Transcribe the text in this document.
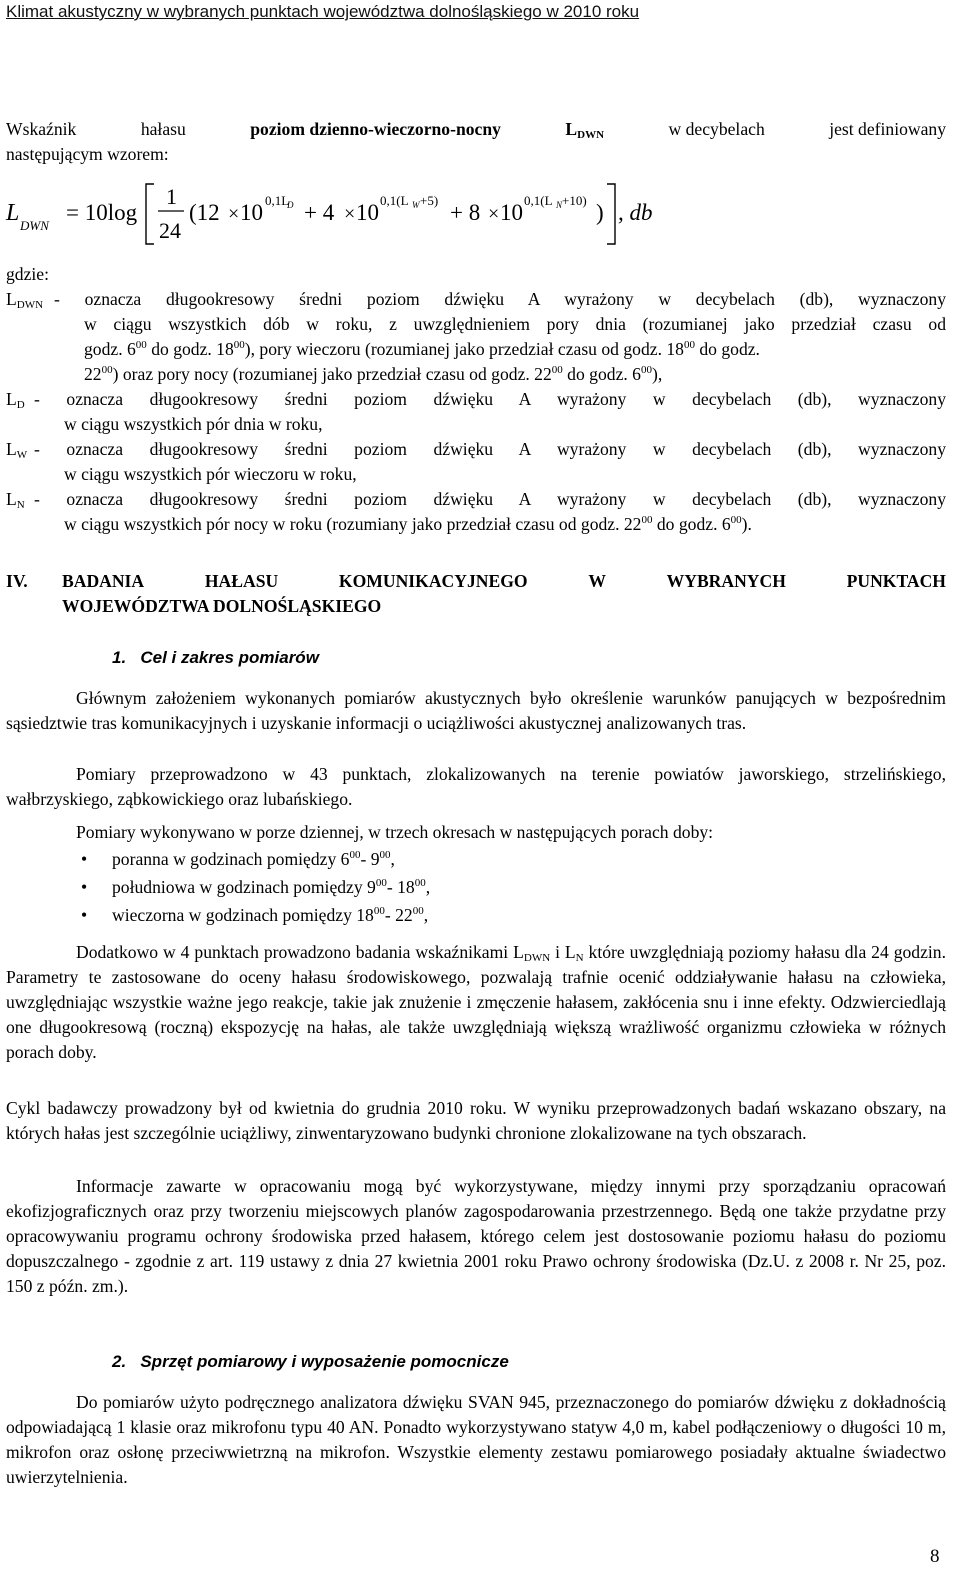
Klimat akustyczny w wybranych punktach województwa dolnośląskiego w 2010 roku
Wskaźnik	hałasu	poziom dzienno-wieczorno-nocny	$L_{DWN}$	w decybelach	jest definiowany
następującym wzorem:
L DWN
= 10log
1
24
(12 × 10 0,1L
D + 4 × 10 0,1(L W +5) + 8 × 10 0,1(L N +10) ) , db
gdzie:
$L_{DWN}$ - oznacza długookresowy średni poziom dźwięku A wyrażony w decybelach (db), wyznaczony
w ciągu wszystkich dób w roku, z uwzględnieniem pory dnia (rozumianej jako przedział czasu od
godz. $6^{00}$ do godz. $18^{00}$), pory wieczoru (rozumianej jako przedział czasu od godz. $18^{00}$ do godz.
$22^{00}$) oraz pory nocy (rozumianej jako przedział czasu od godz. $22^{00}$ do godz. $6^{00}$),
$L_D$ - oznacza długookresowy średni poziom dźwięku A wyrażony w decybelach (db), wyznaczony
w ciągu wszystkich pór dnia w roku,
$L_W$ - oznacza długookresowy średni poziom dźwięku A wyrażony w decybelach (db), wyznaczony
w ciągu wszystkich pór wieczoru w roku,
$L_N$ - oznacza długookresowy średni poziom dźwięku A wyrażony w decybelach (db), wyznaczony
w ciągu wszystkich pór nocy w roku (rozumiany jako przedział czasu od godz. $22^{00}$ do godz. $6^{00}$).
IV.	BADANIA	HAŁASU	KOMUNIKACYJNEGO	W	WYBRANYCH	PUNKTACH
WOJEWÓDZTWA DOLNOŚLĄSKIEGO
1.   Cel i zakres pomiarów
Głównym założeniem wykonanych pomiarów akustycznych było określenie warunków panujących w bezpośrednim sąsiedztwie tras komunikacyjnych i uzyskanie informacji o uciążliwości akustycznej analizowanych tras.
Pomiary przeprowadzono w 43 punktach, zlokalizowanych na terenie powiatów jaworskiego, strzelińskiego, wałbrzyskiego, ząbkowickiego oraz lubańskiego.
Pomiary wykonywano w porze dziennej, w trzech okresach w następujących porach doby:
• poranna w godzinach pomiędzy $6^{00}-$ $9^{00}$,
• południowa w godzinach pomiędzy $9^{00}-$ $18^{00}$,
• wieczorna w godzinach pomiędzy $18^{00}-$ $22^{00}$,
Dodatkowo w 4 punktach prowadzono badania wskaźnikami $L_{DWN}$ i $L_N$ które uwzględniają poziomy hałasu dla 24 godzin. Parametry te zastosowane do oceny hałasu środowiskowego, pozwalają trafnie ocenić oddziaływanie hałasu na człowieka, uwzględniając wszystkie ważne jego reakcje, takie jak znużenie i zmęczenie hałasem, zakłócenia snu i inne efekty. Odzwierciedlają one długookresową (roczną) ekspozycję na hałas, ale także uwzględniają większą wrażliwość organizmu człowieka w różnych porach doby.
Cykl badawczy prowadzony był od kwietnia do grudnia 2010 roku. W wyniku przeprowadzonych badań wskazano obszary, na których hałas jest szczególnie uciążliwy, zinwentaryzowano budynki chronione zlokalizowane na tych obszarach.
Informacje zawarte w opracowaniu mogą być wykorzystywane, między innymi przy sporządzaniu opracowań ekofizjograficznych oraz przy tworzeniu miejscowych planów zagospodarowania przestrzennego. Będą one także przydatne przy opracowywaniu programu ochrony środowiska przed hałasem, którego celem jest dostosowanie poziomu hałasu do poziomu dopuszczalnego - zgodnie z art. 119 ustawy z dnia 27 kwietnia 2001 roku Prawo ochrony środowiska (Dz.U. z 2008 r. Nr 25, poz. 150 z późn. zm.).
2.   Sprzęt pomiarowy i wyposażenie pomocnicze
Do pomiarów użyto podręcznego analizatora dźwięku SVAN 945, przeznaczonego do pomiarów dźwięku z dokładnością odpowiadającą 1 klasie oraz mikrofonu typu 40 AN. Ponadto wykorzystywano statyw 4,0 m, kabel podłączeniowy o długości 10 m, mikrofon oraz osłonę przeciwwietrzną na mikrofon. Wszystkie elementy zestawu pomiarowego posiadały aktualne świadectwo uwierzytelnienia.
8
